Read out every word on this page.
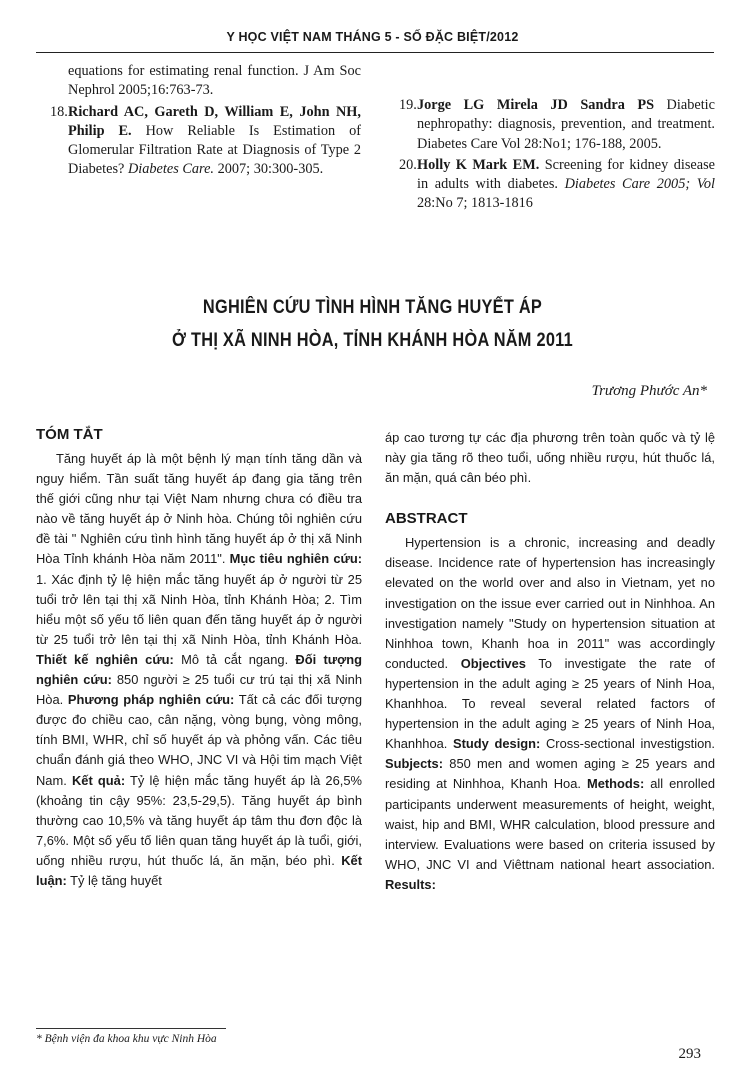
Y HỌC VIỆT NAM THÁNG 5 - SỐ ĐẶC BIỆT/2012
equations for estimating renal function. J Am Soc Nephrol 2005;16:763-73.
18. Richard AC, Gareth D, William E, John NH, Philip E. How Reliable Is Estimation of Glomerular Filtration Rate at Diagnosis of Type 2 Diabetes? Diabetes Care. 2007; 30:300-305.
19. Jorge LG Mirela JD Sandra PS Diabetic nephropathy: diagnosis, prevention, and treatment. Diabetes Care Vol 28:No1; 176-188, 2005.
20. Holly K Mark EM. Screening for kidney disease in adults with diabetes. Diabetes Care 2005; Vol 28:No 7; 1813-1816
NGHIÊN CỨU TÌNH HÌNH TĂNG HUYẾT ÁP
Ở THỊ XÃ NINH HÒA, TỈNH KHÁNH HÒA NĂM 2011
Trương Phước An*
TÓM TẮT

Tăng huyết áp là một bệnh lý mạn tính tăng dần và nguy hiểm. Tần suất tăng huyết áp đang gia tăng trên thế giới cũng như tại Việt Nam nhưng chưa có điều tra nào về tăng huyết áp ở Ninh hòa. Chúng tôi nghiên cứu đề tài " Nghiên cứu tình hình tăng huyết áp ở thị xã Ninh Hòa Tỉnh khánh Hòa năm 2011". Mục tiêu nghiên cứu: 1. Xác định tỷ lệ hiện mắc tăng huyết áp ở người từ 25 tuổi trở lên tại thị xã Ninh Hòa, tỉnh Khánh Hòa; 2. Tìm hiểu một số yếu tố liên quan đến tăng huyết áp ở người từ 25 tuổi trở lên tại thị xã Ninh Hòa, tỉnh Khánh Hòa. Thiết kế nghiên cứu: Mô tả cắt ngang. Đối tượng nghiên cứu: 850 người ≥ 25 tuổi cư trú tại thị xã Ninh Hòa. Phương pháp nghiên cứu: Tất cả các đối tượng được đo chiều cao, cân nặng, vòng bụng, vòng mông, tính BMI, WHR, chỉ số huyết áp và phỏng vấn. Các tiêu chuẩn đánh giá theo WHO, JNC VI và Hội tim mạch Việt Nam. Kết quả: Tỷ lệ hiện mắc tăng huyết áp là 26,5% (khoảng tin cậy 95%: 23,5-29,5). Tăng huyết áp bình thường cao 10,5% và tăng huyết áp tâm thu đơn độc là 7,6%. Một số yếu tố liên quan tăng huyết áp là tuổi, giới, uống nhiều rượu, hút thuốc lá, ăn mặn, béo phì. Kết luận: Tỷ lệ tăng huyết

áp cao tương tự các địa phương trên toàn quốc và tỷ lệ này gia tăng rõ theo tuổi, uống nhiều rượu, hút thuốc lá, ăn mặn, quá cân béo phì.

ABSTRACT

Hypertension is a chronic, increasing and deadly disease. Incidence rate of hypertension has increasingly elevated on the world over and also in Vietnam, yet no investigation on the issue ever carried out in Ninhhoa. An investigation namely "Study on hypertension situation at Ninhhoa town, Khanh hoa in 2011" was accordingly conducted. Objectives To investigate the rate of hypertension in the adult aging ≥ 25 years of Ninh Hoa, Khanhhoa. To reveal several related factors of hypertension in the adult aging ≥ 25 years of Ninh Hoa, Khanhhoa. Study design: Cross-sectional investigstion. Subjects: 850 men and women aging ≥ 25 years and residing at Ninhhoa, Khanh Hoa. Methods: all enrolled participants underwent measurements of height, weight, waist, hip and BMI, WHR calculation, blood pressure and interview. Evaluations were based on criteria issused by WHO, JNC VI and Viêttnam national heart association. Results:

* Bệnh viện đa khoa khu vực Ninh Hòa
293
